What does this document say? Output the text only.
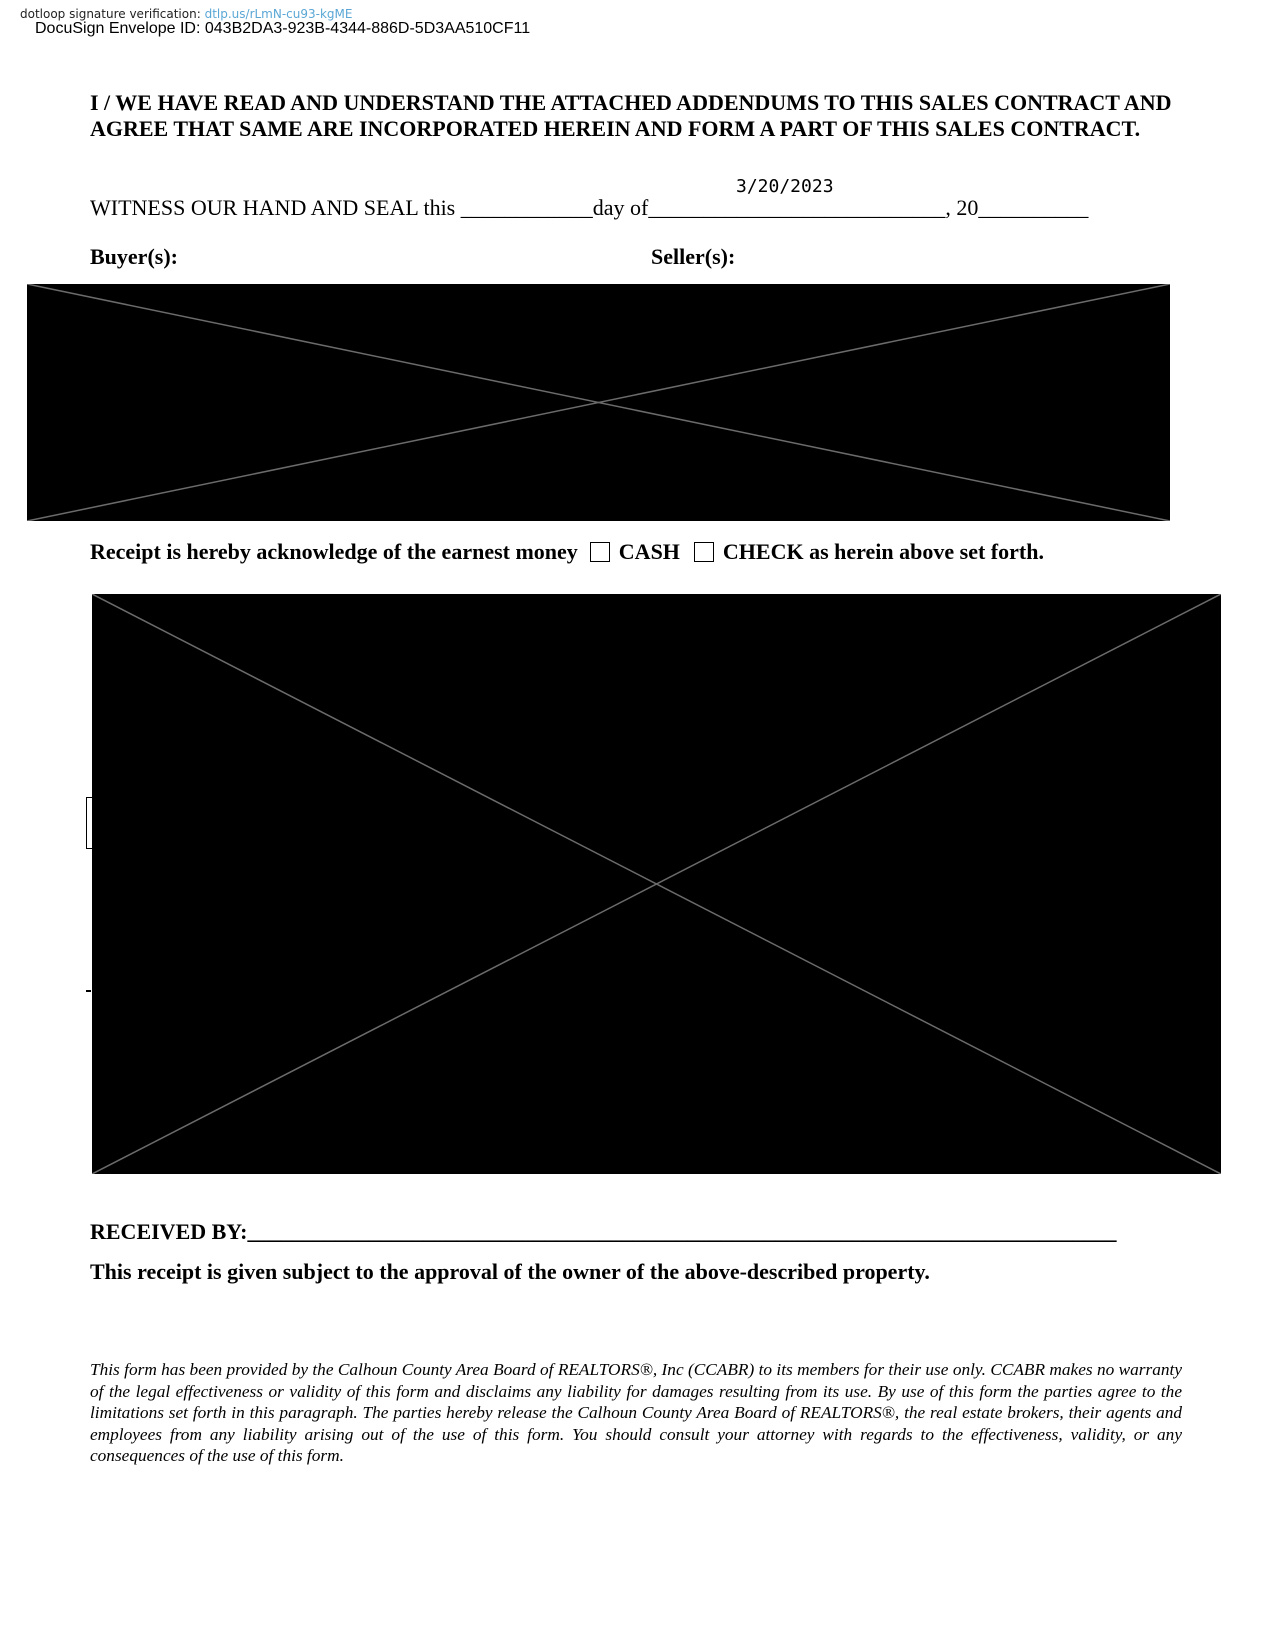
dotloop signature verification: dtlp.us/rLmN-cu93-kgME
DocuSign Envelope ID: 043B2DA3-923B-4344-886D-5D3AA510CF11
I / WE HAVE READ AND UNDERSTAND THE ATTACHED ADDENDUMS TO THIS SALES CONTRACT AND AGREE THAT SAME ARE INCORPORATED HEREIN AND FORM A PART OF THIS SALES CONTRACT.
3/20/2023
WITNESS OUR HAND AND SEAL this ____________day of___________________________, 20__________
Buyer(s):	Seller(s):
Receipt is hereby acknowledge of the earnest money CASH CHECK as herein above set forth.
RECEIVED BY:_______________________________________________________________________________
This receipt is given subject to the approval of the owner of the above-described property.
This form has been provided by the Calhoun County Area Board of REALTORS®, Inc (CCABR) to its members for their use only. CCABR makes no warranty of the legal effectiveness or validity of this form and disclaims any liability for damages resulting from its use. By use of this form the parties agree to the limitations set forth in this paragraph. The parties hereby release the Calhoun County Area Board of REALTORS®, the real estate brokers, their agents and employees from any liability arising out of the use of this form. You should consult your attorney with regards to the effectiveness, validity, or any consequences of the use of this form.
